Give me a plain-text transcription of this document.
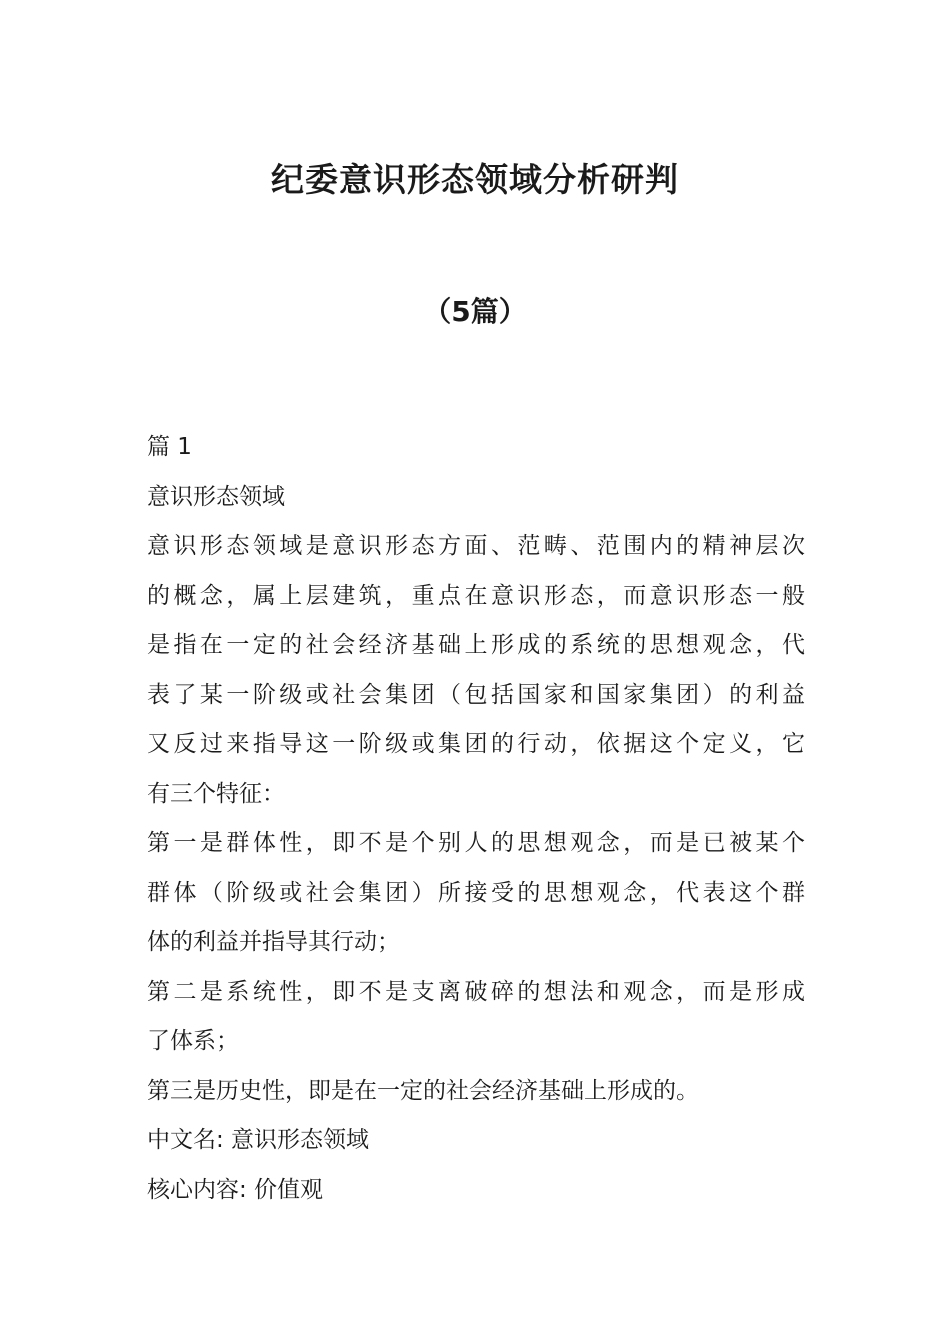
纪委意识形态领域分析研判
（5篇）
篇 1
意识形态领域
意识形态领域是意识形态方面、范畴、范围内的精神层次
的概念，属上层建筑，重点在意识形态，而意识形态一般
是指在一定的社会经济基础上形成的系统的思想观念，代
表了某一阶级或社会集团（包括国家和国家集团）的利益
又反过来指导这一阶级或集团的行动，依据这个定义，它
有三个特征：
第一是群体性，即不是个别人的思想观念，而是已被某个
群体（阶级或社会集团）所接受的思想观念，代表这个群
体的利益并指导其行动；
第二是系统性，即不是支离破碎的想法和观念，而是形成
了体系；
第三是历史性，即是在一定的社会经济基础上形成的。
中文名: 意识形态领域
核心内容: 价值观
